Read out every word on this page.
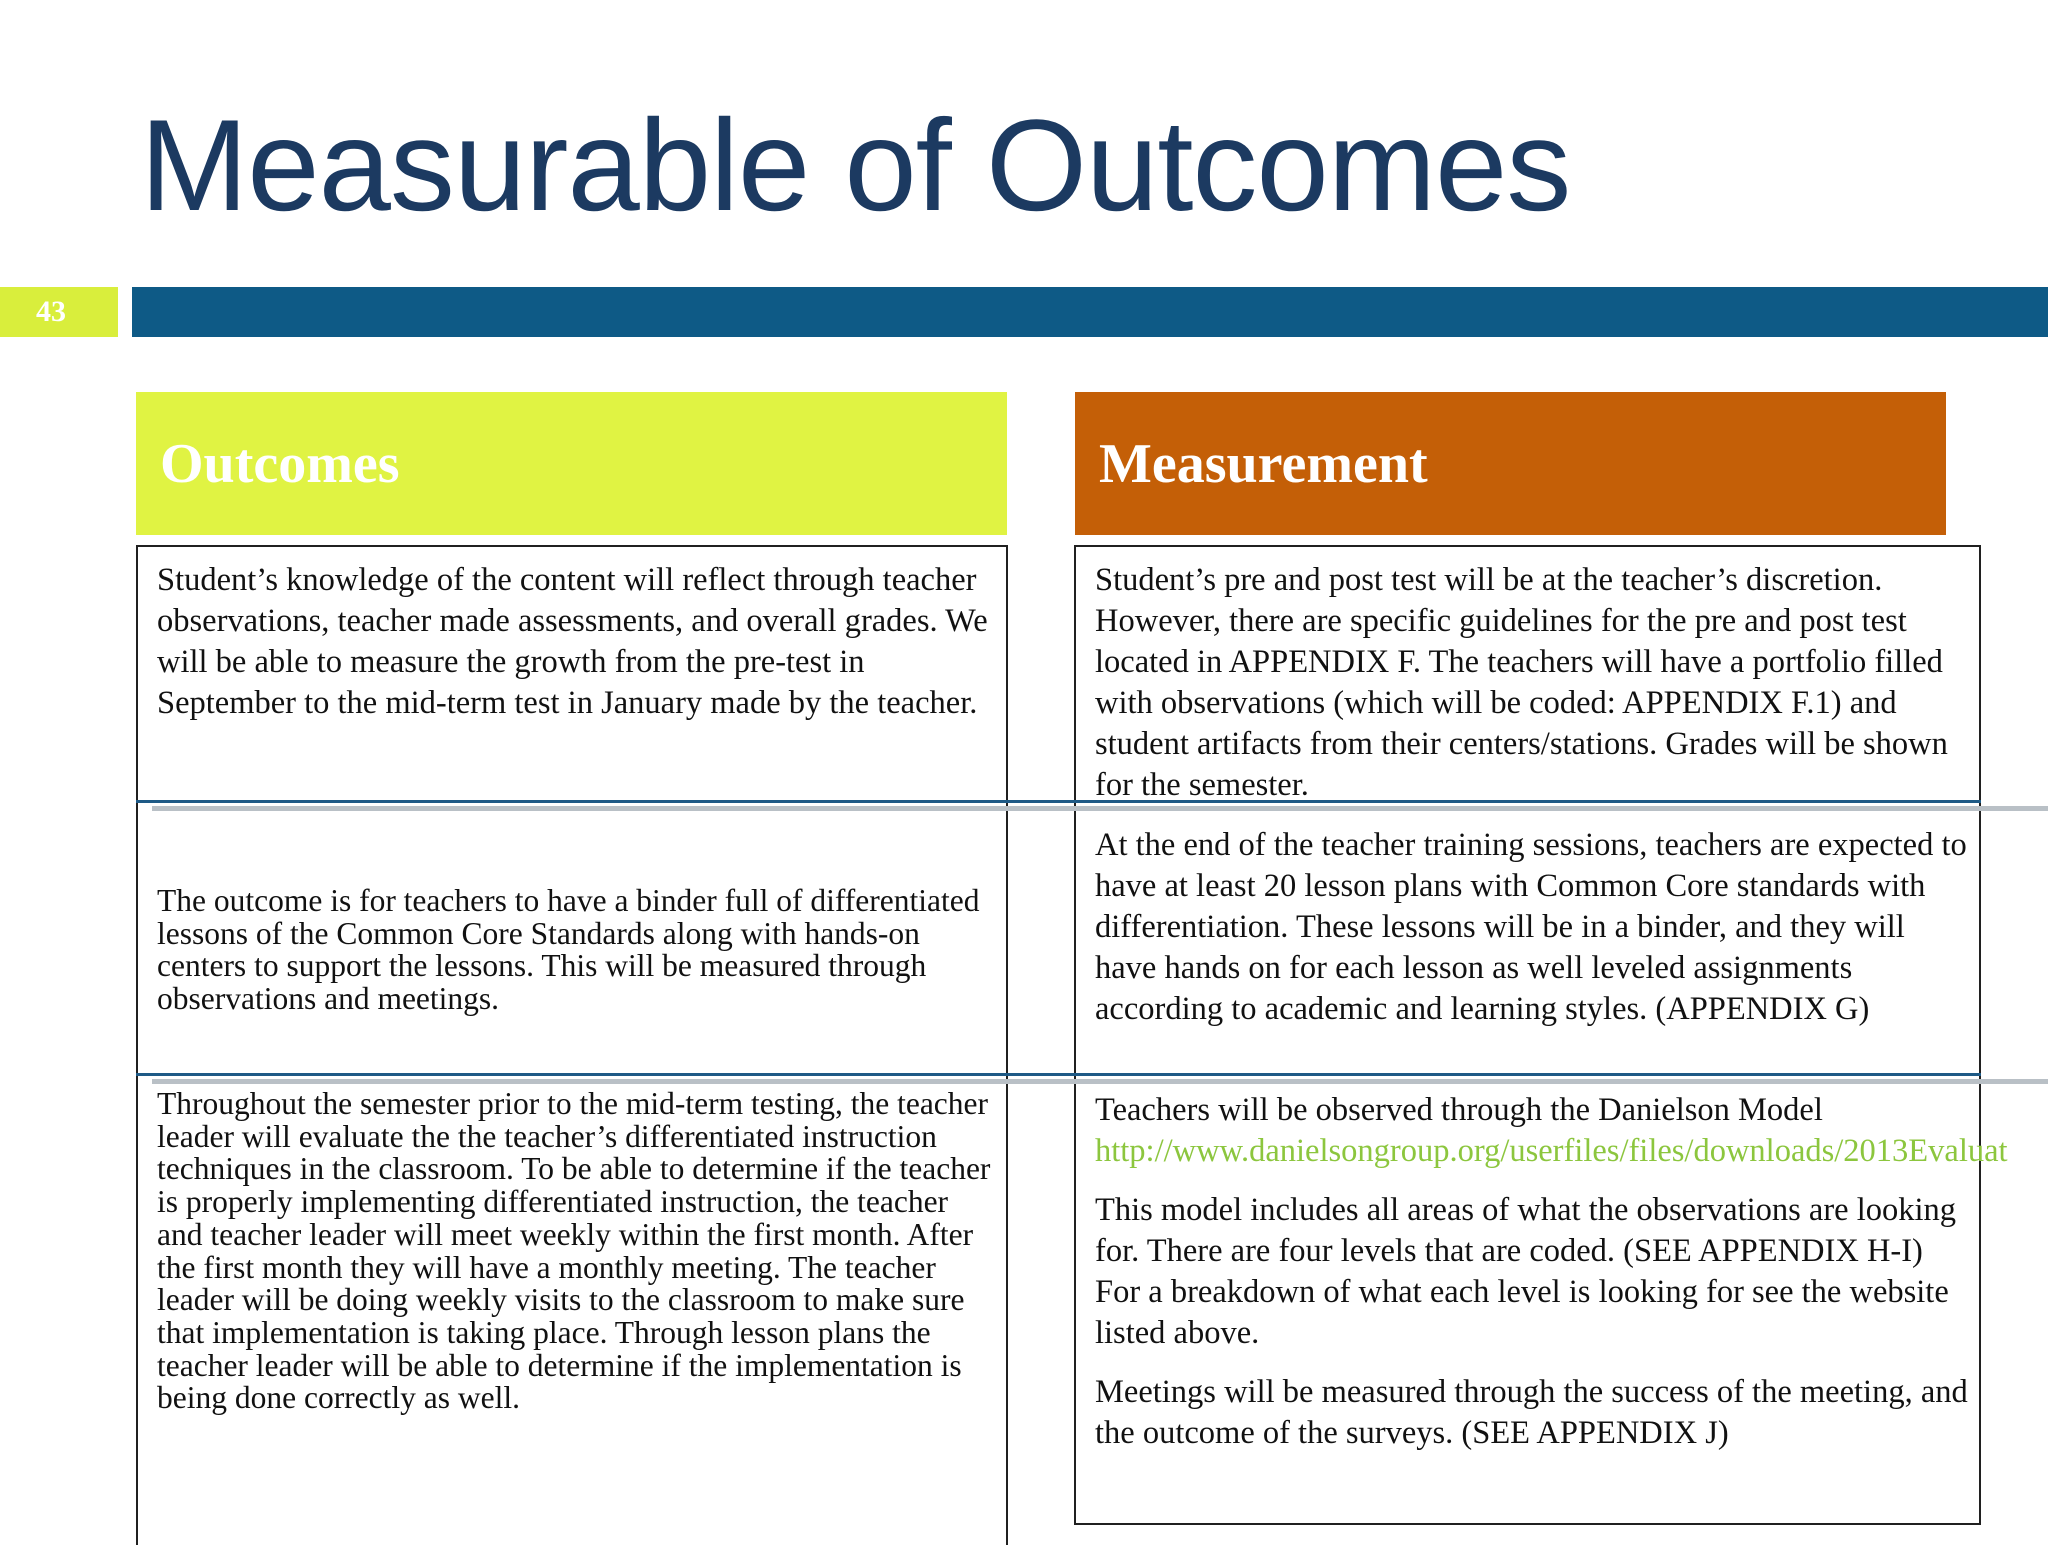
Measurable of Outcomes
43
Outcomes	Measurement

Student’s knowledge of the content will reflect through teacher observations, teacher made assessments, and overall grades. We will be able to measure the growth from the pre-test in September to the mid-term test in January made by the teacher.

Student’s pre and post test will be at the teacher’s discretion. However, there are specific guidelines for the pre and post test located in APPENDIX F. The teachers will have a portfolio filled with observations (which will be coded: APPENDIX F.1) and student artifacts from their centers/stations. Grades will be shown for the semester.

The outcome is for teachers to have a binder full of differentiated lessons of the Common Core Standards along with hands-on centers to support the lessons. This will be measured through observations and meetings.

At the end of the teacher training sessions, teachers are expected to have at least 20 lesson plans with Common Core standards with differentiation. These lessons will be in a binder, and they will have hands on for each lesson as well leveled assignments according to academic and learning styles. (APPENDIX G)

Throughout the semester prior to the mid-term testing, the teacher leader will evaluate the the teacher’s differentiated instruction techniques in the classroom. To be able to determine if the teacher is properly implementing differentiated instruction, the teacher and teacher leader will meet weekly within the first month. After the first month they will have a monthly meeting. The teacher leader will be doing weekly visits to the classroom to make sure that implementation is taking place. Through lesson plans the teacher leader will be able to determine if the implementation is being done correctly as well.

Teachers will be observed through the Danielson Model

http://www.danielsongroup.org/userfiles/files/downloads/2013Evaluat

This model includes all areas of what the observations are looking for. There are four levels that are coded. (SEE APPENDIX H-I) For a breakdown of what each level is looking for see the website listed above.

Meetings will be measured through the success of the meeting, and the outcome of the surveys. (SEE APPENDIX J)
